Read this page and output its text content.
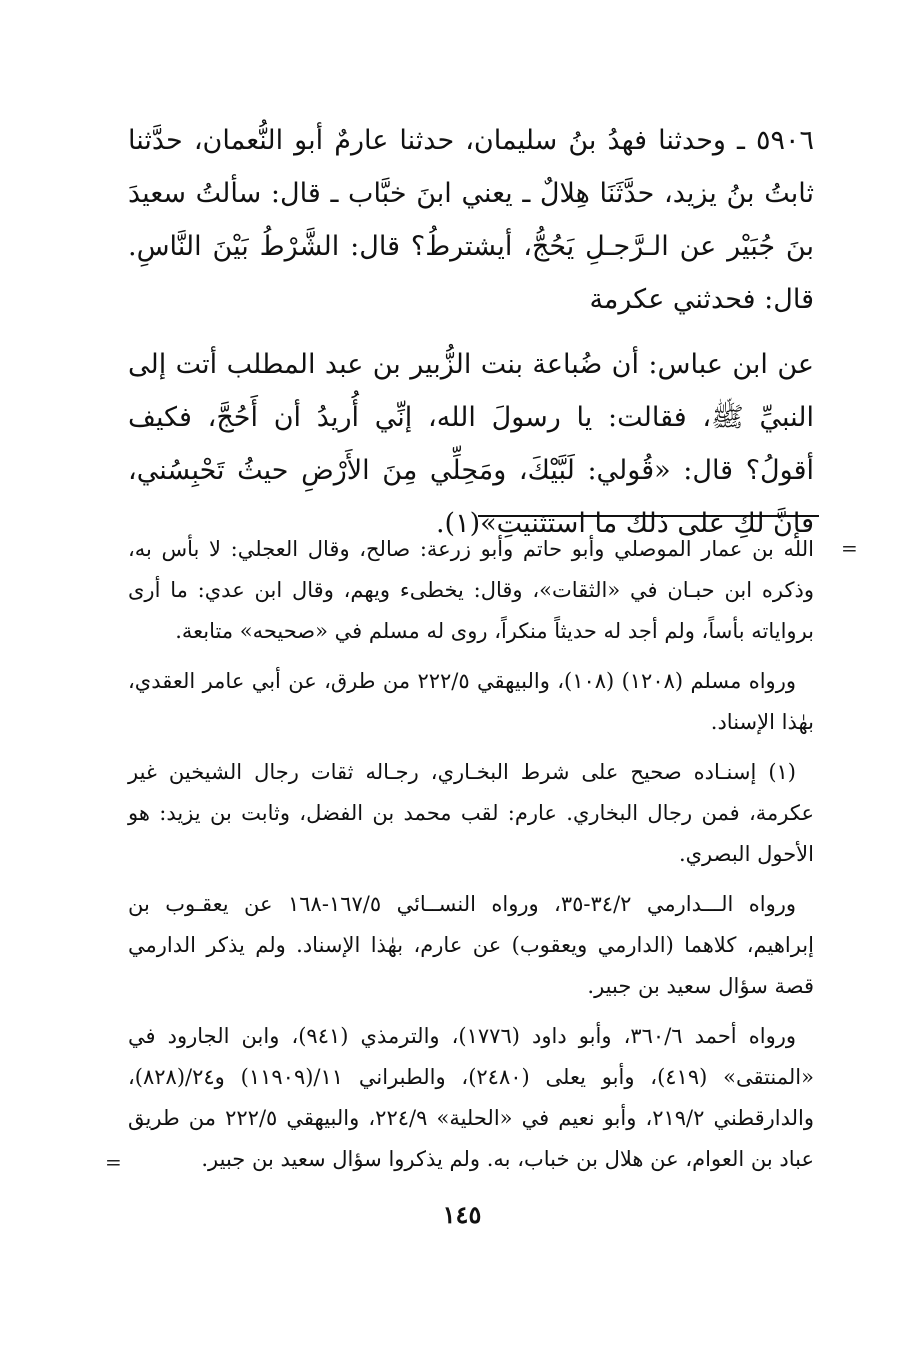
٥٩٠٦ ـ وحدثنا فهدُ بنُ سليمان، حدثنا عارمٌ أبو النُّعمان، حدَّثنا ثابتُ بنُ يزيد، حدَّثَنَا هِلالٌ ـ يعني ابنَ خبَّاب ـ قال: سألتُ سعيدَ بنَ جُبَيْر عن الـرَّجـلِ يَحُجُّ، أيشترطُ؟ قال: الشَّرْطُ بَيْنَ النَّاسِ. قال: فحدثني عكرمة

عن ابن عباس: أن ضُباعة بنت الزُّبير بن عبد المطلب أتت إلى النبيِّ ﷺ، فقالت: يا رسولَ الله، إنِّي أُريدُ أن أَحُجَّ، فكيف أقولُ؟ قال: «قُولي: لَبَّيْكَ، ومَحِلِّي مِنَ الأَرْضِ حيثُ تَحْبِسُني، فإنَّ لكِ على ذلك ما استثنيتِ»(١).

=

الله بن عمار الموصلي وأبو حاتم وأبو زرعة: صالح، وقال العجلي: لا بأس به، وذكره ابن حبـان في «الثقات»، وقال: يخطىء ويهم، وقال ابن عدي: ما أرى برواياته بأساً، ولم أجد له حديثاً منكراً، روى له مسلم في «صحيحه» متابعة.

ورواه مسلم (١٢٠٨) (١٠٨)، والبيهقي ٢٢٢/٥ من طرق، عن أبي عامر العقدي، بهٰذا الإسناد.

(١) إسنـاده صحيح على شرط البخـاري، رجـاله ثقات رجال الشيخين غير عكرمة، فمن رجال البخاري. عارم: لقب محمد بن الفضل، وثابت بن يزيد: هو الأحول البصري.

ورواه الـــدارمي ٣٤/٢-٣٥، ورواه النســائي ١٦٧/٥-١٦٨ عن يعقـوب بن إبراهيم، كلاهما (الدارمي ويعقوب) عن عارم، بهٰذا الإسناد. ولم يذكر الدارمي قصة سؤال سعيد بن جبير.

ورواه أحمد ٣٦٠/٦، وأبو داود (١٧٧٦)، والترمذي (٩٤١)، وابن الجارود في «المنتقى» (٤١٩)، وأبو يعلى (٢٤٨٠)، والطبراني ١١/(١١٩٠٩) و٢٤/(٨٢٨)، والدارقطني ٢١٩/٢، وأبو نعيم في «الحلية» ٢٢٤/٩، والبيهقي ٢٢٢/٥ من طريق عباد بن العوام، عن هلال بن خباب، به. ولم يذكروا سؤال سعيد بن جبير.

=
١٤٥
